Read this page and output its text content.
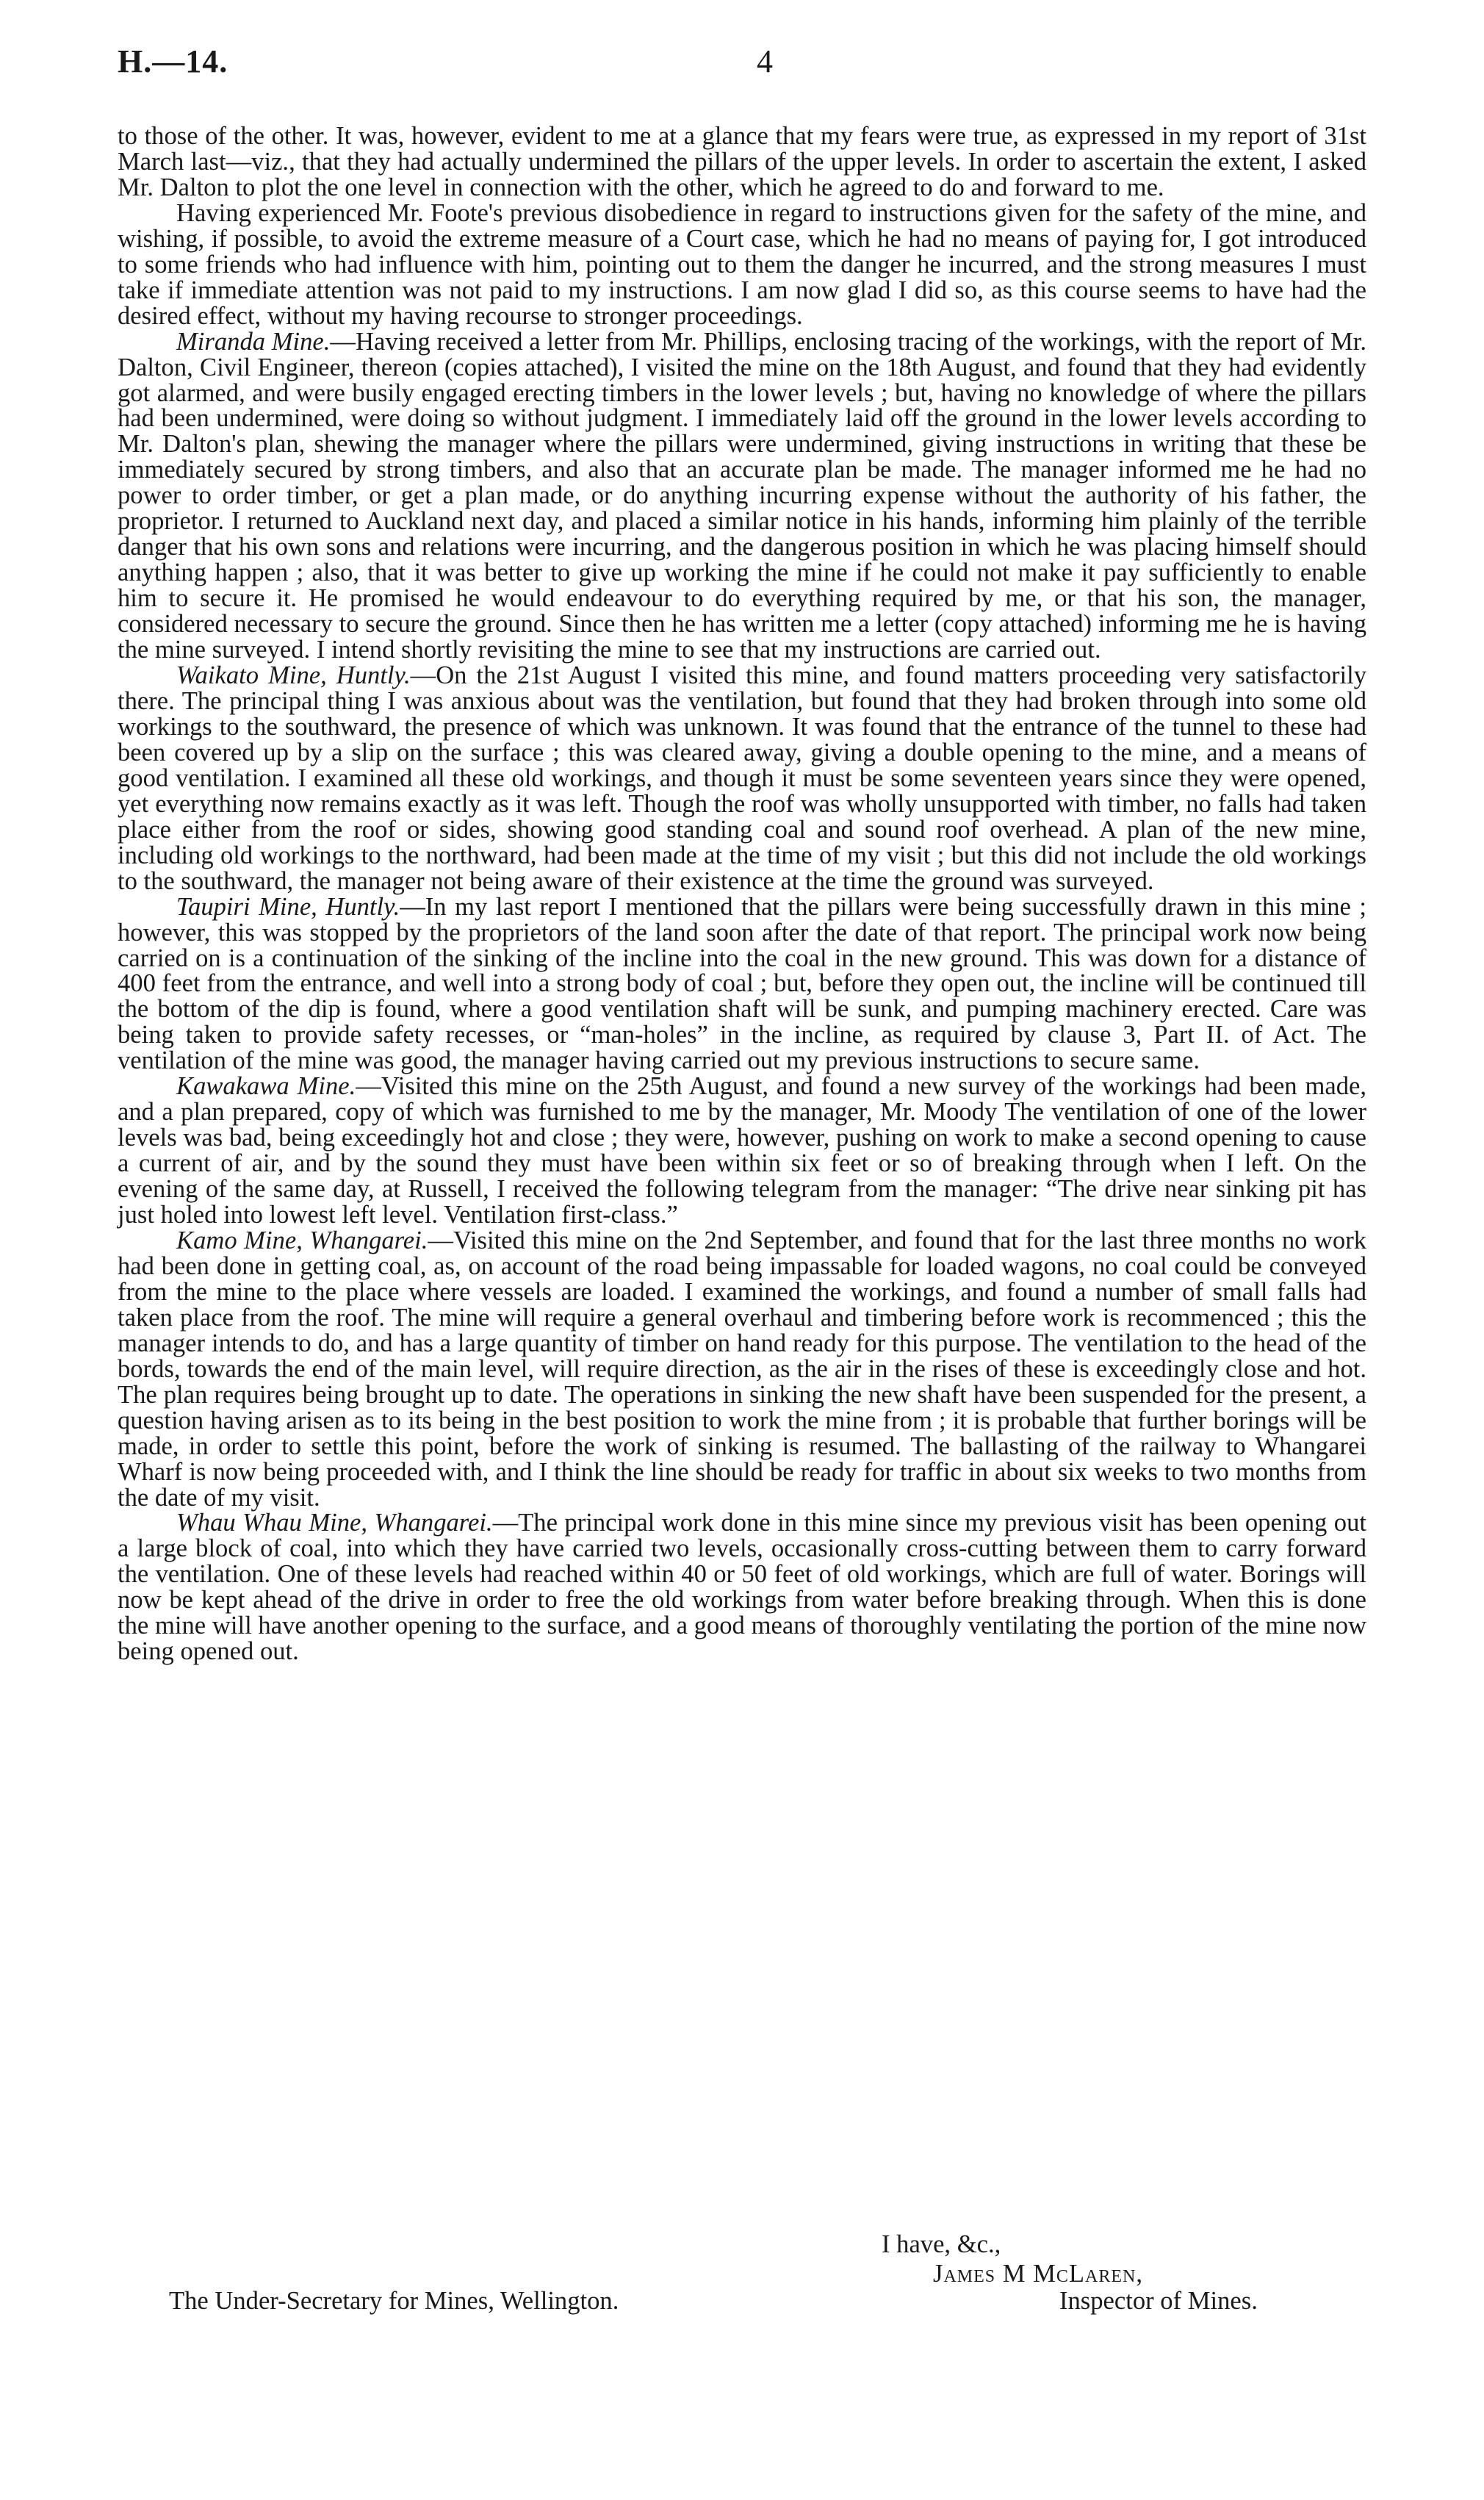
H.—14.	4

to those of the other. It was, however, evident to me at a glance that my fears were true, as expressed in my report of 31st March last—viz., that they had actually undermined the pillars of the upper levels. In order to ascertain the extent, I asked Mr. Dalton to plot the one level in connection with the other, which he agreed to do and forward to me.

Having experienced Mr. Foote's previous disobedience in regard to instructions given for the safety of the mine, and wishing, if possible, to avoid the extreme measure of a Court case, which he had no means of paying for, I got introduced to some friends who had influence with him, pointing out to them the danger he incurred, and the strong measures I must take if immediate attention was not paid to my instructions. I am now glad I did so, as this course seems to have had the desired effect, without my having recourse to stronger proceedings.

Miranda Mine.—Having received a letter from Mr. Phillips, enclosing tracing of the workings, with the report of Mr. Dalton, Civil Engineer, thereon (copies attached), I visited the mine on the 18th August, and found that they had evidently got alarmed, and were busily engaged erecting timbers in the lower levels ; but, having no knowledge of where the pillars had been undermined, were doing so without judgment. I immediately laid off the ground in the lower levels according to Mr. Dalton's plan, shewing the manager where the pillars were undermined, giving instructions in writing that these be immediately secured by strong timbers, and also that an accurate plan be made. The manager informed me he had no power to order timber, or get a plan made, or do anything incurring expense without the authority of his father, the proprietor. I returned to Auckland next day, and placed a similar notice in his hands, informing him plainly of the terrible danger that his own sons and relations were incurring, and the dangerous position in which he was placing himself should anything happen ; also, that it was better to give up working the mine if he could not make it pay sufficiently to enable him to secure it. He promised he would endeavour to do everything required by me, or that his son, the manager, considered necessary to secure the ground. Since then he has written me a letter (copy attached) informing me he is having the mine surveyed. I intend shortly revisiting the mine to see that my instructions are carried out.

Waikato Mine, Huntly.—On the 21st August I visited this mine, and found matters proceeding very satisfactorily there. The principal thing I was anxious about was the ventilation, but found that they had broken through into some old workings to the southward, the presence of which was unknown. It was found that the entrance of the tunnel to these had been covered up by a slip on the surface ; this was cleared away, giving a double opening to the mine, and a means of good ventilation. I examined all these old workings, and though it must be some seventeen years since they were opened, yet everything now remains exactly as it was left. Though the roof was wholly unsupported with timber, no falls had taken place either from the roof or sides, showing good standing coal and sound roof overhead. A plan of the new mine, including old workings to the northward, had been made at the time of my visit ; but this did not include the old workings to the southward, the manager not being aware of their existence at the time the ground was surveyed.

Taupiri Mine, Huntly.—In my last report I mentioned that the pillars were being successfully drawn in this mine ; however, this was stopped by the proprietors of the land soon after the date of that report. The principal work now being carried on is a continuation of the sinking of the incline into the coal in the new ground. This was down for a distance of 400 feet from the entrance, and well into a strong body of coal ; but, before they open out, the incline will be continued till the bottom of the dip is found, where a good ventilation shaft will be sunk, and pumping machinery erected. Care was being taken to provide safety recesses, or “man-holes” in the incline, as required by clause 3, Part II. of Act. The ventilation of the mine was good, the manager having carried out my previous instructions to secure same.

Kawakawa Mine.—Visited this mine on the 25th August, and found a new survey of the workings had been made, and a plan prepared, copy of which was furnished to me by the manager, Mr. Moody The ventilation of one of the lower levels was bad, being exceedingly hot and close ; they were, however, pushing on work to make a second opening to cause a current of air, and by the sound they must have been within six feet or so of breaking through when I left. On the evening of the same day, at Russell, I received the following telegram from the manager: “The drive near sinking pit has just holed into lowest left level. Ventilation first-class.”

Kamo Mine, Whangarei.—Visited this mine on the 2nd September, and found that for the last three months no work had been done in getting coal, as, on account of the road being impassable for loaded wagons, no coal could be conveyed from the mine to the place where vessels are loaded. I examined the workings, and found a number of small falls had taken place from the roof. The mine will require a general overhaul and timbering before work is recommenced ; this the manager intends to do, and has a large quantity of timber on hand ready for this purpose. The ventilation to the head of the bords, towards the end of the main level, will require direction, as the air in the rises of these is exceedingly close and hot. The plan requires being brought up to date. The operations in sinking the new shaft have been suspended for the present, a question having arisen as to its being in the best position to work the mine from ; it is probable that further borings will be made, in order to settle this point, before the work of sinking is resumed. The ballasting of the railway to Whangarei Wharf is now being proceeded with, and I think the line should be ready for traffic in about six weeks to two months from the date of my visit.

Whau Whau Mine, Whangarei.—The principal work done in this mine since my previous visit has been opening out a large block of coal, into which they have carried two levels, occasionally cross-cutting between them to carry forward the ventilation. One of these levels had reached within 40 or 50 feet of old workings, which are full of water. Borings will now be kept ahead of the drive in order to free the old workings from water before breaking through. When this is done the mine will have another opening to the surface, and a good means of thoroughly ventilating the portion of the mine now being opened out.

I have, &c.,
James M McLaren,
The Under-Secretary for Mines, Wellington.	Inspector of Mines.
